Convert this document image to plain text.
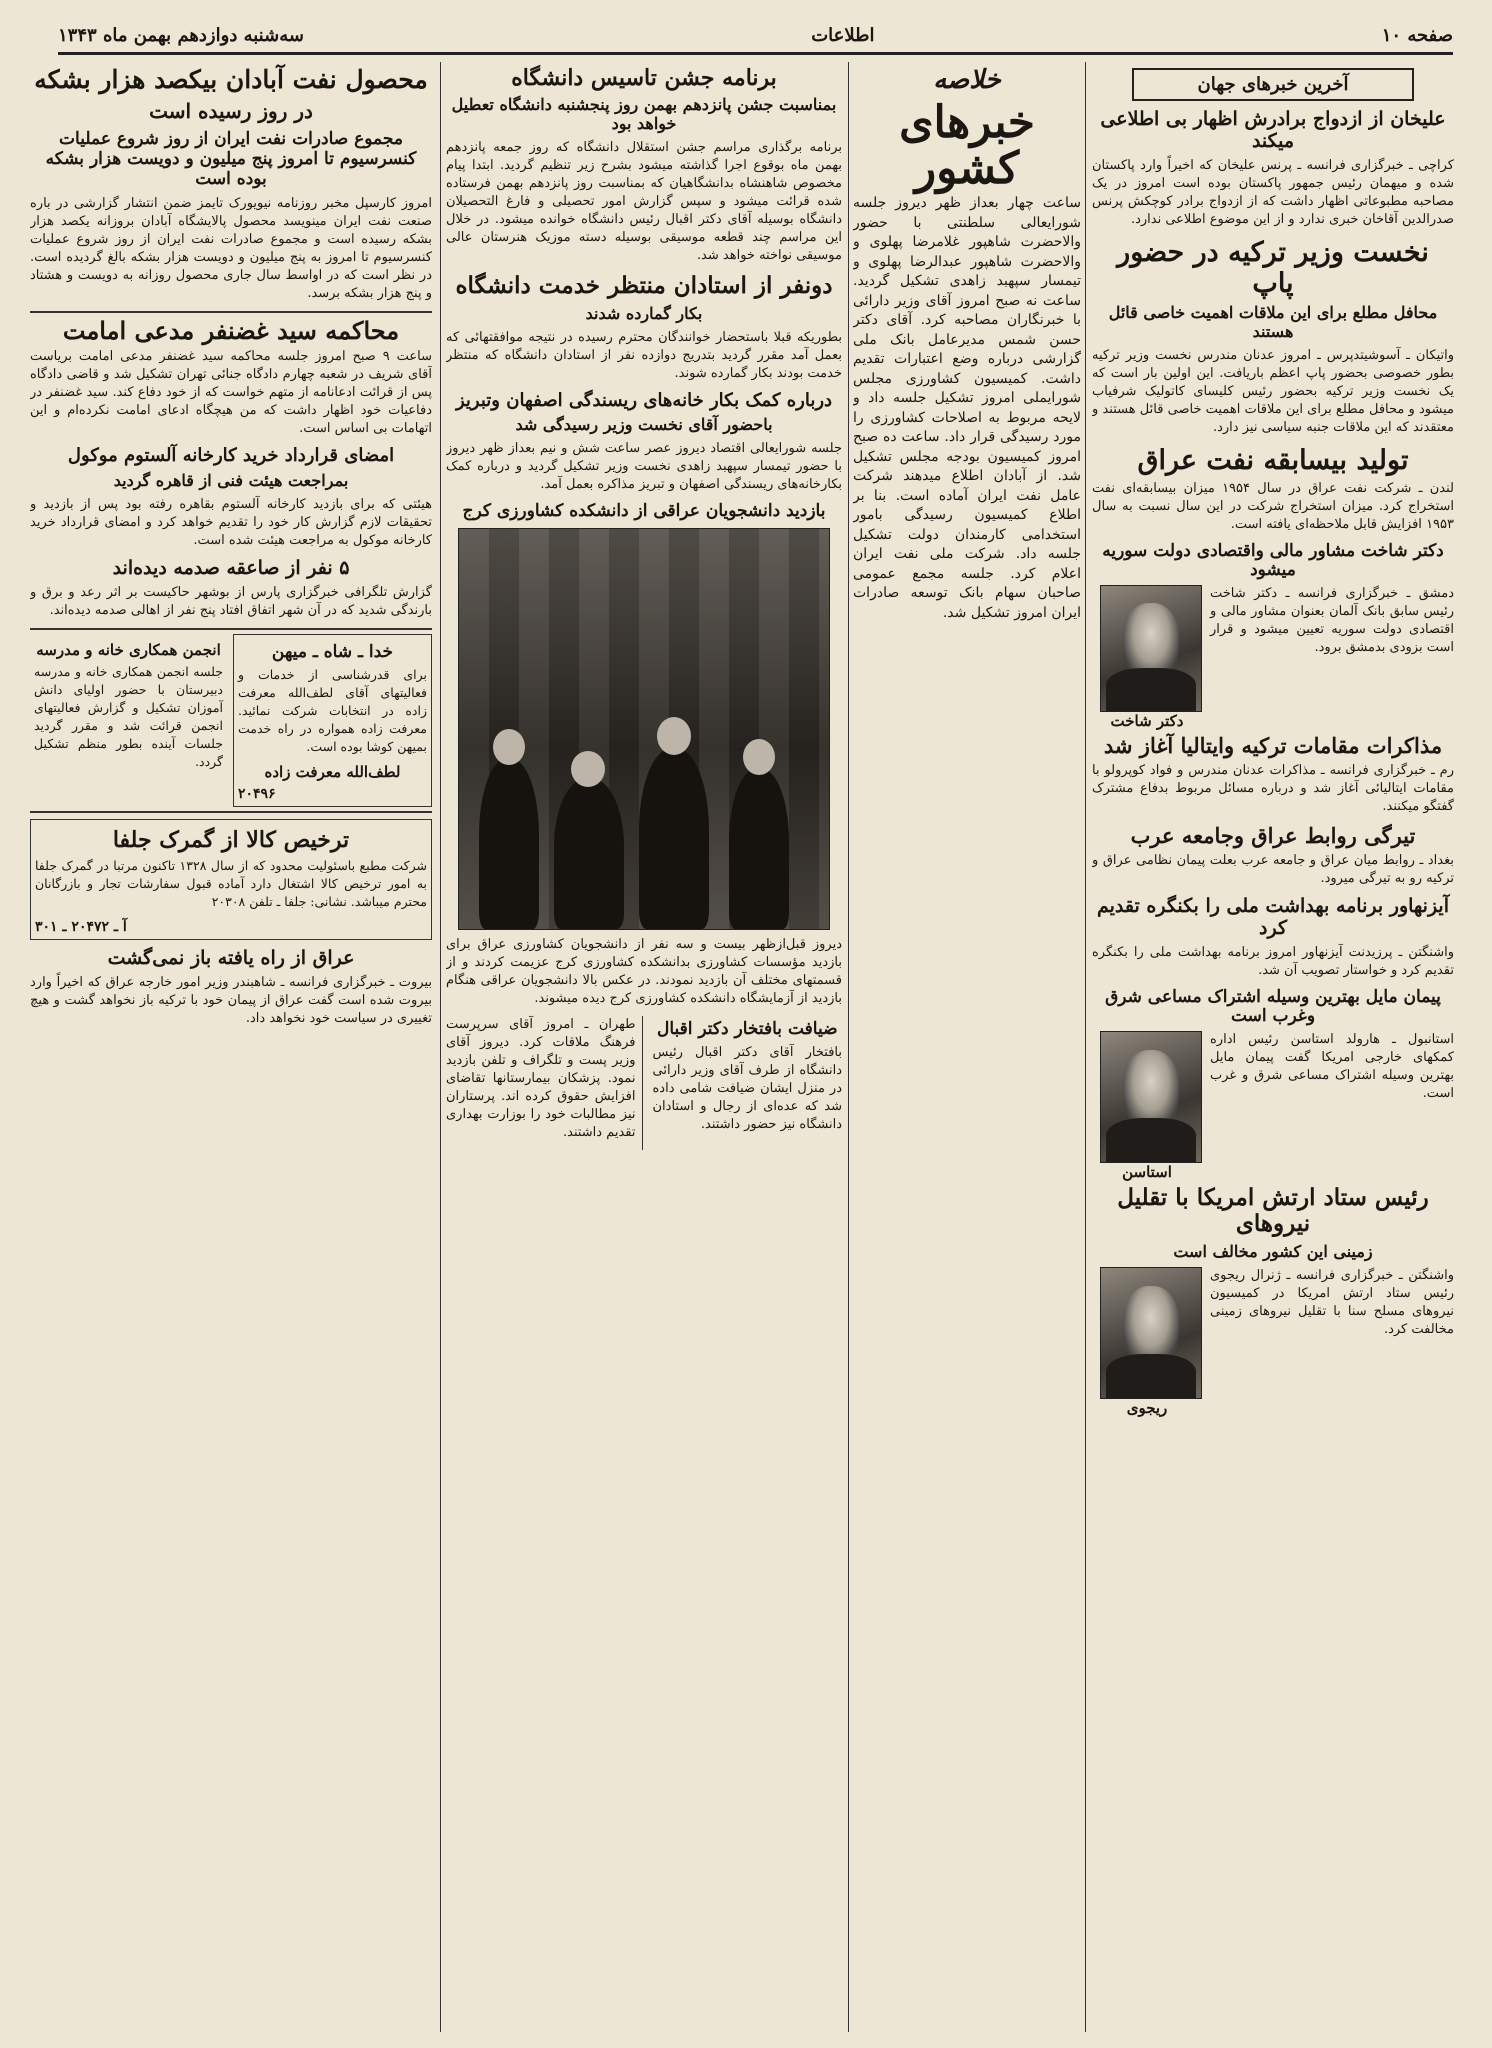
صفحه ۱۰
اطلاعات
سه‌شنبه دوازدهم بهمن ماه ۱۳۴۳
آخرین خبرهای جهان
علیخان از ازدواج برادرش اظهار بی اطلاعی میکند

کراچی ـ خبرگزاری فرانسه ـ پرنس علیخان که اخیراً وارد پاکستان شده و میهمان رئیس جمهور پاکستان بوده است امروز در یک مصاحبه مطبوعاتی اظهار داشت که از ازدواج برادر کوچکش پرنس صدرالدین آقاخان خبری ندارد و از این موضوع اطلاعی ندارد.

نخست وزیر ترکیه در حضور پاپ
محافل مطلع برای این ملاقات اهمیت خاصی قائل هستند

واتیکان ـ آسوشیتدپرس ـ امروز عدنان مندرس نخست وزیر ترکیه بطور خصوصی بحضور پاپ اعظم باریافت. این اولین بار است که یک نخست وزیر ترکیه بحضور رئیس کلیسای کاتولیک شرفیاب میشود و محافل مطلع برای این ملاقات اهمیت خاصی قائل هستند و معتقدند که این ملاقات جنبه سیاسی نیز دارد.

تولید بیسابقه نفت عراق

لندن ـ شرکت نفت عراق در سال ۱۹۵۴ میزان بیسابقه‌ای نفت استخراج کرد. میزان استخراج شرکت در این سال نسبت به سال ۱۹۵۳ افزایش قابل ملاحظه‌ای یافته است.

دکتر شاخت مشاور مالی واقتصادی دولت سوریه میشود

دمشق ـ خبرگزاری فرانسه ـ دکتر شاخت رئیس سابق بانک آلمان بعنوان مشاور مالی و اقتصادی دولت سوریه تعیین میشود و قرار است بزودی بدمشق برود.

دکتر شاخت
مذاکرات مقامات ترکیه وایتالیا آغاز شد

رم ـ خبرگزاری فرانسه ـ مذاکرات عدنان مندرس و فواد کوپرولو با مقامات ایتالیائی آغاز شد و درباره مسائل مربوط بدفاع مشترک گفتگو میکنند.

تیرگی روابط عراق وجامعه عرب

بغداد ـ روابط میان عراق و جامعه عرب بعلت پیمان نظامی عراق و ترکیه رو به تیرگی میرود.

آیزنهاور برنامه بهداشت ملی را بکنگره تقدیم کرد

واشنگتن ـ پرزیدنت آیزنهاور امروز برنامه بهداشت ملی را بکنگره تقدیم کرد و خواستار تصویب آن شد.

پیمان مایل بهترین وسیله اشتراک مساعی شرق وغرب است

استانبول ـ هارولد استاسن رئیس اداره کمکهای خارجی امریکا گفت پیمان مایل بهترین وسیله اشتراک مساعی شرق و غرب است.

استاسن
رئیس ستاد ارتش امریکا با تقلیل نیروهای
زمینی این کشور مخالف است

واشنگتن ـ خبرگزاری فرانسه ـ ژنرال ریجوی رئیس ستاد ارتش امریکا در کمیسیون نیروهای مسلح سنا با تقلیل نیروهای زمینی مخالفت کرد.

ریجوی
خلاصه
خبرهای کشور

ساعت چهار بعداز ظهر دیروز جلسه شورایعالی سلطنتی با حضور والاحضرت شاهپور غلامرضا پهلوی و والاحضرت شاهپور عبدالرضا پهلوی و تیمسار سپهبد زاهدی تشکیل گردید. ساعت نه صبح امروز آقای وزیر دارائی با خبرنگاران مصاحبه کرد. آقای دکتر حسن شمس مدیرعامل بانک ملی گزارشی درباره وضع اعتبارات تقدیم داشت. کمیسیون کشاورزی مجلس شورایملی امروز تشکیل جلسه داد و لایحه مربوط به اصلاحات کشاورزی را مورد رسیدگی قرار داد. ساعت ده صبح امروز کمیسیون بودجه مجلس تشکیل شد. از آبادان اطلاع میدهند شرکت عامل نفت ایران آماده است. بنا بر اطلاع کمیسیون رسیدگی بامور استخدامی کارمندان دولت تشکیل جلسه داد. شرکت ملی نفت ایران اعلام کرد. جلسه مجمع عمومی صاحبان سهام بانک توسعه صادرات ایران امروز تشکیل شد.

برنامه جشن تاسیس دانشگاه
بمناسبت جشن پانزدهم بهمن روز پنجشنبه دانشگاه تعطیل خواهد بود

برنامه برگذاری مراسم جشن استقلال دانشگاه که روز جمعه پانزدهم بهمن ماه بوقوع اجرا گذاشته میشود بشرح زیر تنظیم گردید. ابتدا پیام مخصوص شاهنشاه بدانشگاهیان که بمناسبت روز پانزدهم بهمن فرستاده شده قرائت میشود و سپس گزارش امور تحصیلی و فارغ التحصیلان دانشگاه بوسیله آقای دکتر اقبال رئیس دانشگاه خوانده میشود. در خلال این مراسم چند قطعه موسیقی بوسیله دسته موزیک هنرستان عالی موسیقی نواخته خواهد شد.

دونفر از استادان منتظر خدمت دانشگاه
بکار گمارده شدند

بطوریکه قبلا باستحضار خوانندگان محترم رسیده در نتیجه موافقتهائی که بعمل آمد مقرر گردید بتدریج دوازده نفر از استادان دانشگاه که منتظر خدمت بودند بکار گمارده شوند.

درباره کمک بکار خانه‌های ریسندگی اصفهان وتبریز
باحضور آقای نخست وزیر رسیدگی شد

جلسه شورایعالی اقتصاد دیروز عصر ساعت شش و نیم بعداز ظهر دیروز با حضور تیمسار سپهبد زاهدی نخست وزیر تشکیل گردید و درباره کمک بکارخانه‌های ریسندگی اصفهان و تبریز مذاکره بعمل آمد.

بازدید دانشجویان عراقی از دانشکده کشاورزی کرج

دیروز قبل‌ازظهر بیست و سه نفر از دانشجویان کشاورزی عراق برای بازدید مؤسسات کشاورزی بدانشکده کشاورزی کرج عزیمت کردند و از قسمتهای مختلف آن بازدید نمودند. در عکس بالا دانشجویان عراقی هنگام بازدید از آزمایشگاه دانشکده کشاورزی کرج دیده میشوند.

ضیافت بافتخار دکتر اقبال

بافتخار آقای دکتر اقبال رئیس دانشگاه از طرف آقای وزیر دارائی در منزل ایشان ضیافت شامی داده شد که عده‌ای از رجال و استادان دانشگاه نیز حضور داشتند.

طهران ـ امروز آقای سرپرست فرهنگ ملاقات کرد. دیروز آقای وزیر پست و تلگراف و تلفن بازدید نمود. پزشکان بیمارستانها تقاضای افزایش حقوق کرده اند. پرستاران نیز مطالبات خود را بوزارت بهداری تقدیم داشتند.

محصول نفت آبادان بیکصد هزار بشکه
در روز رسیده است
مجموع صادرات نفت ایران از روز شروع عملیات کنسرسیوم تا امروز پنج میلیون و دویست هزار بشکه بوده است

امروز کارسپل مخبر روزنامه نیویورک تایمز ضمن انتشار گزارشی در باره صنعت نفت ایران مینویسد محصول پالایشگاه آبادان بروزانه یکصد هزار بشکه رسیده است و مجموع صادرات نفت ایران از روز شروع عملیات کنسرسیوم تا امروز به پنج میلیون و دویست هزار بشکه بالغ گردیده است. در نظر است که در اواسط سال جاری محصول روزانه به دویست و هشتاد و پنج هزار بشکه برسد.

محاکمه سید غضنفر مدعی امامت

ساعت ۹ صبح امروز جلسه محاکمه سید غضنفر مدعی امامت بریاست آقای شریف در شعبه چهارم دادگاه جنائی تهران تشکیل شد و قاضی دادگاه پس از قرائت ادعانامه از متهم خواست که از خود دفاع کند. سید غضنفر در دفاعیات خود اظهار داشت که من هیچگاه ادعای امامت نکرده‌ام و این اتهامات بی اساس است.

امضای قرارداد خرید کارخانه آلستوم موکول
بمراجعت هیئت فنی از قاهره گردید

هیئتی که برای بازدید کارخانه آلستوم بقاهره رفته بود پس از بازدید و تحقیقات لازم گزارش کار خود را تقدیم خواهد کرد و امضای قرارداد خرید کارخانه موکول به مراجعت هیئت شده است.

۵ نفر از صاعقه صدمه دیده‌اند

گزارش تلگرافی خبرگزاری پارس از بوشهر حاکیست بر اثر رعد و برق و بارندگی شدید که در آن شهر اتفاق افتاد پنج نفر از اهالی صدمه دیده‌اند.

خدا ـ شاه ـ میهن

برای قدرشناسی از خدمات و فعالیتهای آقای لطف‌الله معرفت زاده در انتخابات شرکت نمائید. معرفت زاده همواره در راه خدمت بمیهن کوشا بوده است.

لطف‌الله معرفت زاده
۲۰۴۹۶
انجمن همکاری خانه و مدرسه

جلسه انجمن همکاری خانه و مدرسه دبیرستان با حضور اولیای دانش آموزان تشکیل و گزارش فعالیتهای انجمن قرائت شد و مقرر گردید جلسات آینده بطور منظم تشکیل گردد.

ترخیص کالا از گمرک جلفا

شرکت مطبع باسئولیت محدود که از سال ۱۳۲۸ تاکنون مرتبا در گمرک جلفا به امور ترخیص کالا اشتغال دارد آماده قبول سفارشات تجار و بازرگانان محترم میباشد. نشانی: جلفا ـ تلفن ۲۰۳۰۸

آ ـ ۲۰۴۷۲ ـ ۳۰۱
عراق از راه یافته باز نمی‌گشت

بیروت ـ خبرگزاری فرانسه ـ شاهبندر وزیر امور خارجه عراق که اخیراً وارد بیروت شده است گفت عراق از پیمان خود با ترکیه باز نخواهد گشت و هیچ تغییری در سیاست خود نخواهد داد.
